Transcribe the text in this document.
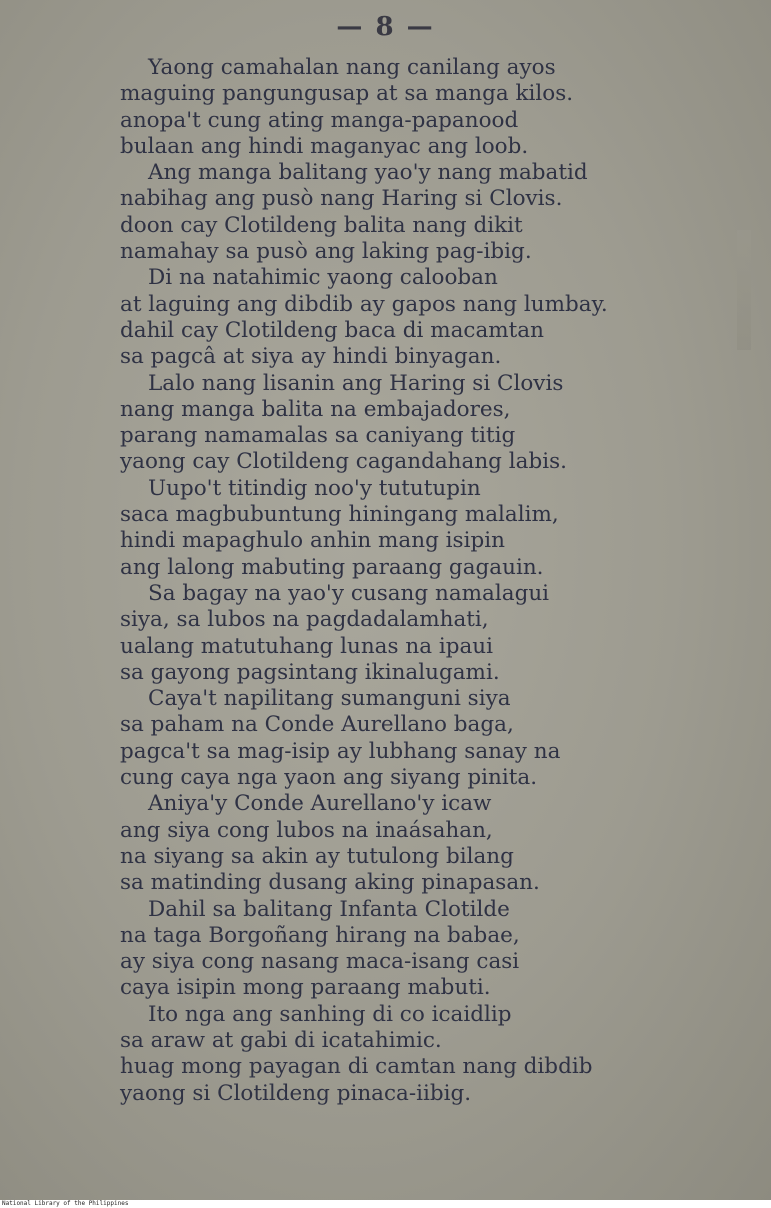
— 8 —
Yaong camahalan nang canilang ayos
maguing pangungusap at sa manga kilos.
anopa't cung ating manga-papanood
bulaan ang hindi maganyac ang loob.
Ang manga balitang yao'y nang mabatid
nabihag ang pusò nang Haring si Clovis.
doon cay Clotildeng balita nang dikit
namahay sa pusò ang laking pag-ibig.
Di na natahimic yaong calooban
at laguing ang dibdib ay gapos nang lumbay.
dahil cay Clotildeng baca di macamtan
sa pagcâ at siya ay hindi binyagan.
Lalo nang lisanin ang Haring si Clovis
nang manga balita na embajadores,
parang namamalas sa caniyang titig
yaong cay Clotildeng cagandahang labis.
Uupo't titindig noo'y tututupin
saca magbubuntung hiningang malalim,
hindi mapaghulo anhin mang isipin
ang lalong mabuting paraang gagauin.
Sa bagay na yao'y cusang namalagui
siya, sa lubos na pagdadalamhati,
ualang matutuhang lunas na ipaui
sa gayong pagsintang ikinalugami.
Caya't napilitang sumanguni siya
sa paham na Conde Aurellano baga,
pagca't sa mag-isip ay lubhang sanay na
cung caya nga yaon ang siyang pinita.
Aniya'y Conde Aurellano'y icaw
ang siya cong lubos na inaásahan,
na siyang sa akin ay tutulong bilang
sa matinding dusang aking pinapasan.
Dahil sa balitang Infanta Clotilde
na taga Borgoñang hirang na babae,
ay siya cong nasang maca-isang casi
caya isipin mong paraang mabuti.
Ito nga ang sanhing di co icaidlip
sa araw at gabi di icatahimic.
huag mong payagan di camtan nang dibdib
yaong si Clotildeng pinaca-iibig.
National Library of the Philippines
